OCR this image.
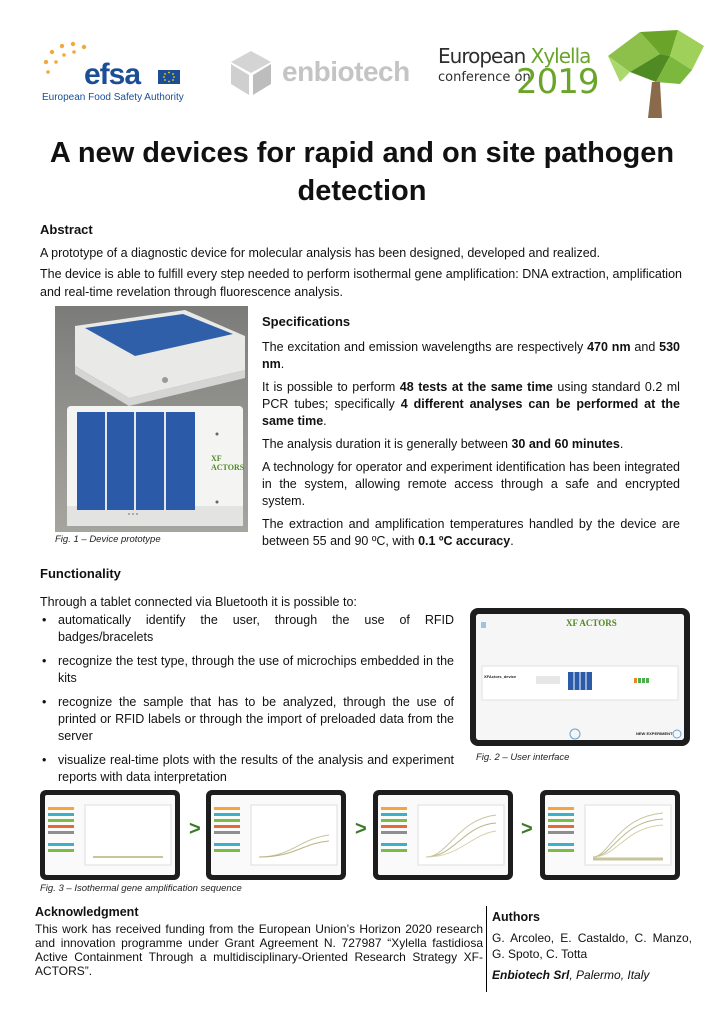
efsa
European Food Safety Authority
enbiotech European Xylella
conference on
2019
A new devices for rapid and on site pathogen detection
Abstract
A prototype of a diagnostic device for molecular analysis has been designed, developed and realized.
The device is able to fulfill every step needed to perform isothermal gene amplification: DNA extraction, amplification and real-time revelation through fluorescence analysis.
XF ACTORS
Fig. 1 – Device prototype
Specifications

The excitation and emission wavelengths are respectively 470 nm and 530 nm.

It is possible to perform 48 tests at the same time using standard 0.2 ml PCR tubes; specifically 4 different analyses can be performed at the same time.

The analysis duration it is generally between 30 and 60 minutes.

A technology for operator and experiment identification has been integrated in the system, allowing remote access through a safe and encrypted system.

The extraction and amplification temperatures handled by the device are between 55 and 90 ºC, with 0.1 ºC accuracy.

Functionality
Through a tablet connected via Bluetooth it is possible to:
• automatically identify the user, through the use of RFID badges/bracelets
• recognize the test type, through the use of microchips embedded in the kits
• recognize the sample that has to be analyzed, through the use of printed or RFID labels or through the import of preloaded data from the server
• visualize real-time plots with the results of the analysis and experiment reports with data interpretation
XF ACTORS
XFActors_device
NEW EXPERIMENT
Fig. 2 – User interface
>	>	>
Fig. 3 – Isothermal gene amplification sequence
Acknowledgment
This work has received funding from the European Union’s Horizon 2020 research and innovation programme under Grant Agreement N. 727987 “Xylella fastidiosa Active Containment Through a multidisciplinary-Oriented Research Strategy XF-ACTORS”.
Authors
G. Arcoleo, E. Castaldo, C. Manzo, G. Spoto, C. Totta
Enbiotech Srl, Palermo, Italy
